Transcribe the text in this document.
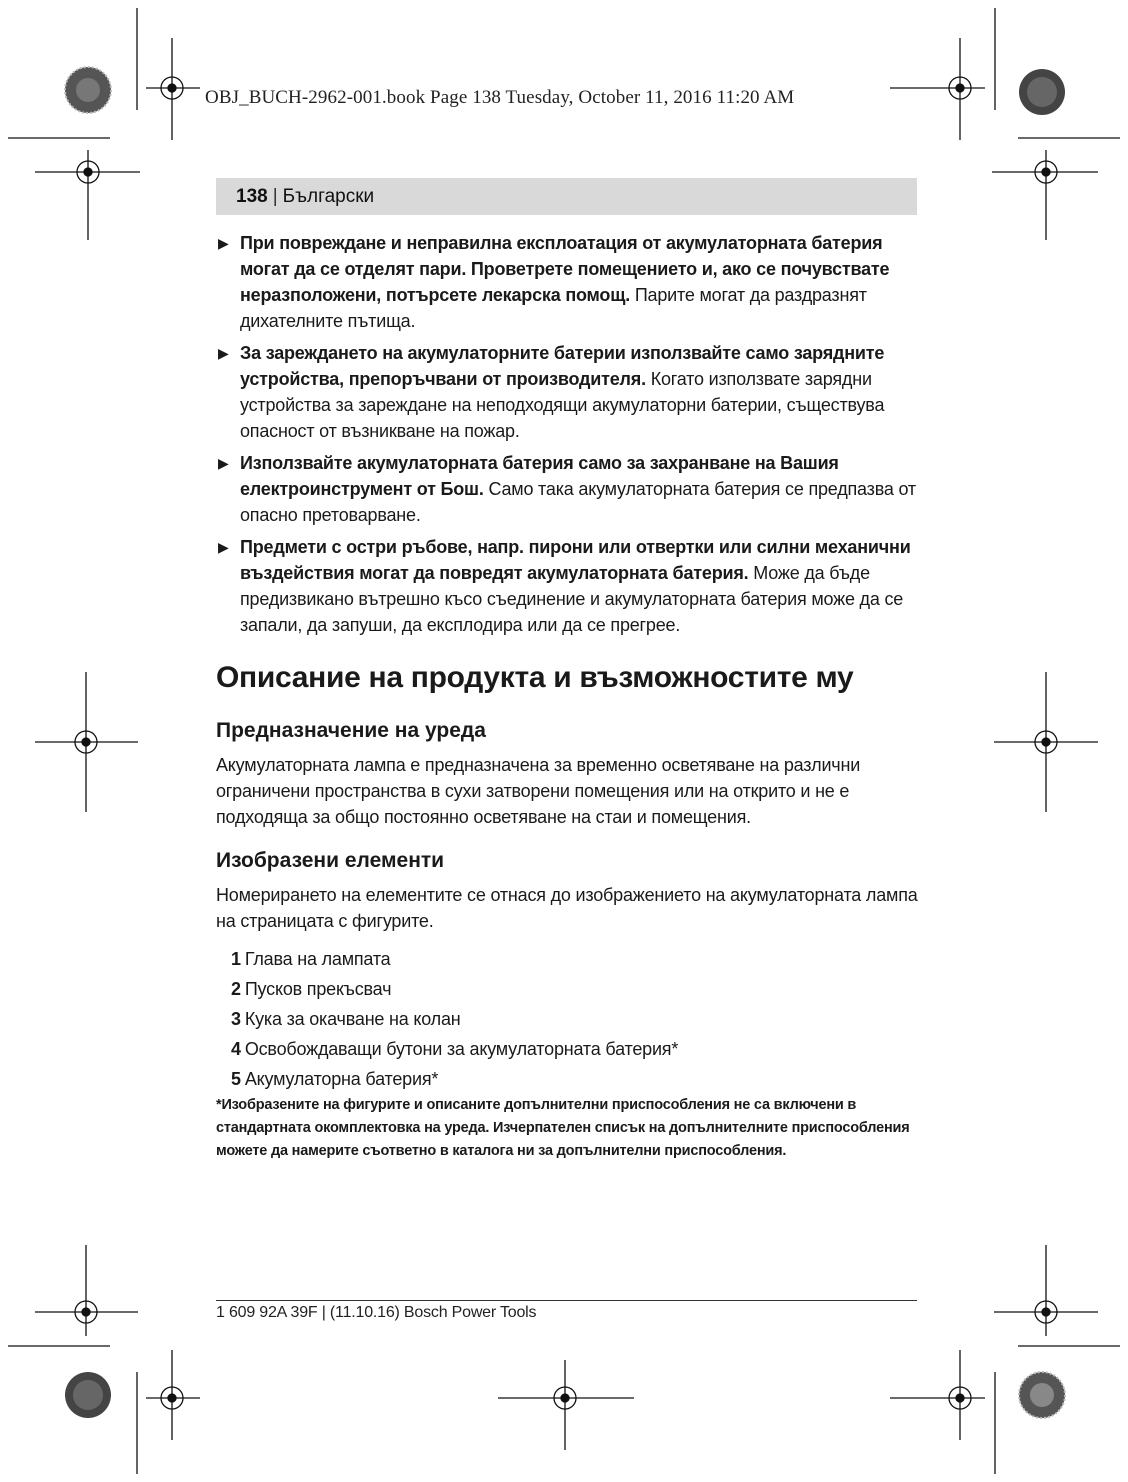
OBJ_BUCH-2962-001.book Page 138 Tuesday, October 11, 2016 11:20 AM
138 | Български
▶ При повреждане и неправилна експлоатация от акумулаторната батерия могат да се отделят пари. Проветрете помещението и, ако се почувствате неразположени, потърсете лекарска помощ. Парите могат да раздразнят дихателните пътища.
▶ За зареждането на акумулаторните батерии използвайте само зарядните устройства, препоръчвани от производителя. Когато използвате зарядни устройства за зареждане на неподходящи акумулаторни батерии, съществува опасност от възникване на пожар.
▶ Използвайте акумулаторната батерия само за захранване на Вашия електроинструмент от Бош. Само така акумулаторната батерия се предпазва от опасно претоварване.
▶ Предмети с остри ръбове, напр. пирони или отвертки или силни механични въздействия могат да повредят акумулаторната батерия. Може да бъде предизвикано вътрешно късо съединение и акумулаторната батерия може да се запали, да запуши, да експлодира или да се прегрее.
Описание на продукта и възможностите му
Предназначение на уреда

Акумулаторната лампа е предназначена за временно осветяване на различни ограничени пространства в сухи затворени помещения или на открито и не е подходяща за общо постоянно осветяване на стаи и помещения.

Изобразени елементи

Номерирането на елементите се отнася до изображението на акумулаторната лампа на страницата с фигурите.

1 Глава на лампата
2 Пусков прекъсвач
3 Кука за окачване на колан
4 Освобождаващи бутони за акумулаторната батерия*
5 Акумулаторна батерия*

*Изобразените на фигурите и описаните допълнителни приспособления не са включени в стандартната окомплектовка на уреда. Изчерпателен списък на допълнителните приспособления можете да намерите съответно в каталога ни за допълнителни приспособления.

1 609 92A 39F | (11.10.16) Bosch Power Tools
